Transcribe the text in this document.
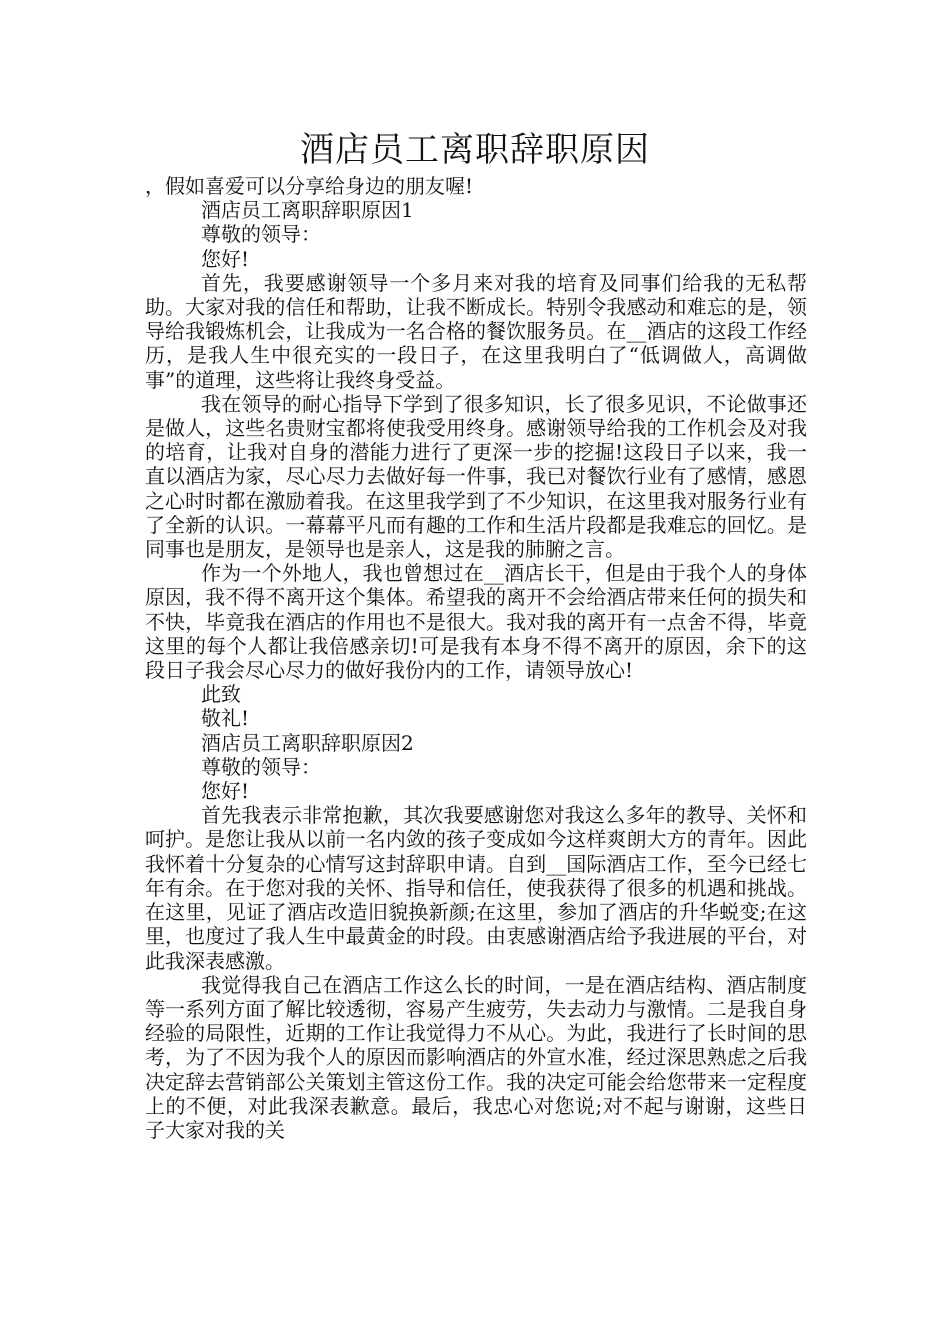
酒店员工离职辞职原因

，假如喜爱可以分享给身边的朋友喔!

酒店员工离职辞职原因1

尊敬的领导：

您好!

首先，我要感谢领导一个多月来对我的培育及同事们给我的无私帮助。大家对我的信任和帮助，让我不断成长。特别令我感动和难忘的是，领导给我锻炼机会，让我成为一名合格的餐饮服务员。在__酒店的这段工作经历，是我人生中很充实的一段日子，在这里我明白了“低调做人，高调做事”的道理，这些将让我终身受益。

我在领导的耐心指导下学到了很多知识，长了很多见识，不论做事还是做人，这些名贵财宝都将使我受用终身。感谢领导给我的工作机会及对我的培育，让我对自身的潜能力进行了更深一步的挖掘!这段日子以来，我一直以酒店为家，尽心尽力去做好每一件事，我已对餐饮行业有了感情，感恩之心时时都在激励着我。在这里我学到了不少知识，在这里我对服务行业有了全新的认识。一幕幕平凡而有趣的工作和生活片段都是我难忘的回忆。是同事也是朋友，是领导也是亲人，这是我的肺腑之言。

作为一个外地人，我也曾想过在__酒店长干，但是由于我个人的身体原因，我不得不离开这个集体。希望我的离开不会给酒店带来任何的损失和不快，毕竟我在酒店的作用也不是很大。我对我的离开有一点舍不得，毕竟这里的每个人都让我倍感亲切!可是我有本身不得不离开的原因，余下的这段日子我会尽心尽力的做好我份内的工作，请领导放心!

此致

敬礼!

酒店员工离职辞职原因2

尊敬的领导：

您好!

首先我表示非常抱歉，其次我要感谢您对我这么多年的教导、关怀和呵护。是您让我从以前一名内敛的孩子变成如今这样爽朗大方的青年。因此我怀着十分复杂的心情写这封辞职申请。自到__国际酒店工作，至今已经七年有余。在于您对我的关怀、指导和信任，使我获得了很多的机遇和挑战。在这里，见证了酒店改造旧貌换新颜;在这里，参加了酒店的升华蜕变;在这里，也度过了我人生中最黄金的时段。由衷感谢酒店给予我进展的平台，对此我深表感激。

我觉得我自己在酒店工作这么长的时间，一是在酒店结构、酒店制度等一系列方面了解比较透彻，容易产生疲劳，失去动力与激情。二是我自身经验的局限性，近期的工作让我觉得力不从心。为此，我进行了长时间的思考，为了不因为我个人的原因而影响酒店的外宣水准，经过深思熟虑之后我决定辞去营销部公关策划主管这份工作。我的决定可能会给您带来一定程度上的不便，对此我深表歉意。最后，我忠心对您说;对不起与谢谢，这些日子大家对我的关
